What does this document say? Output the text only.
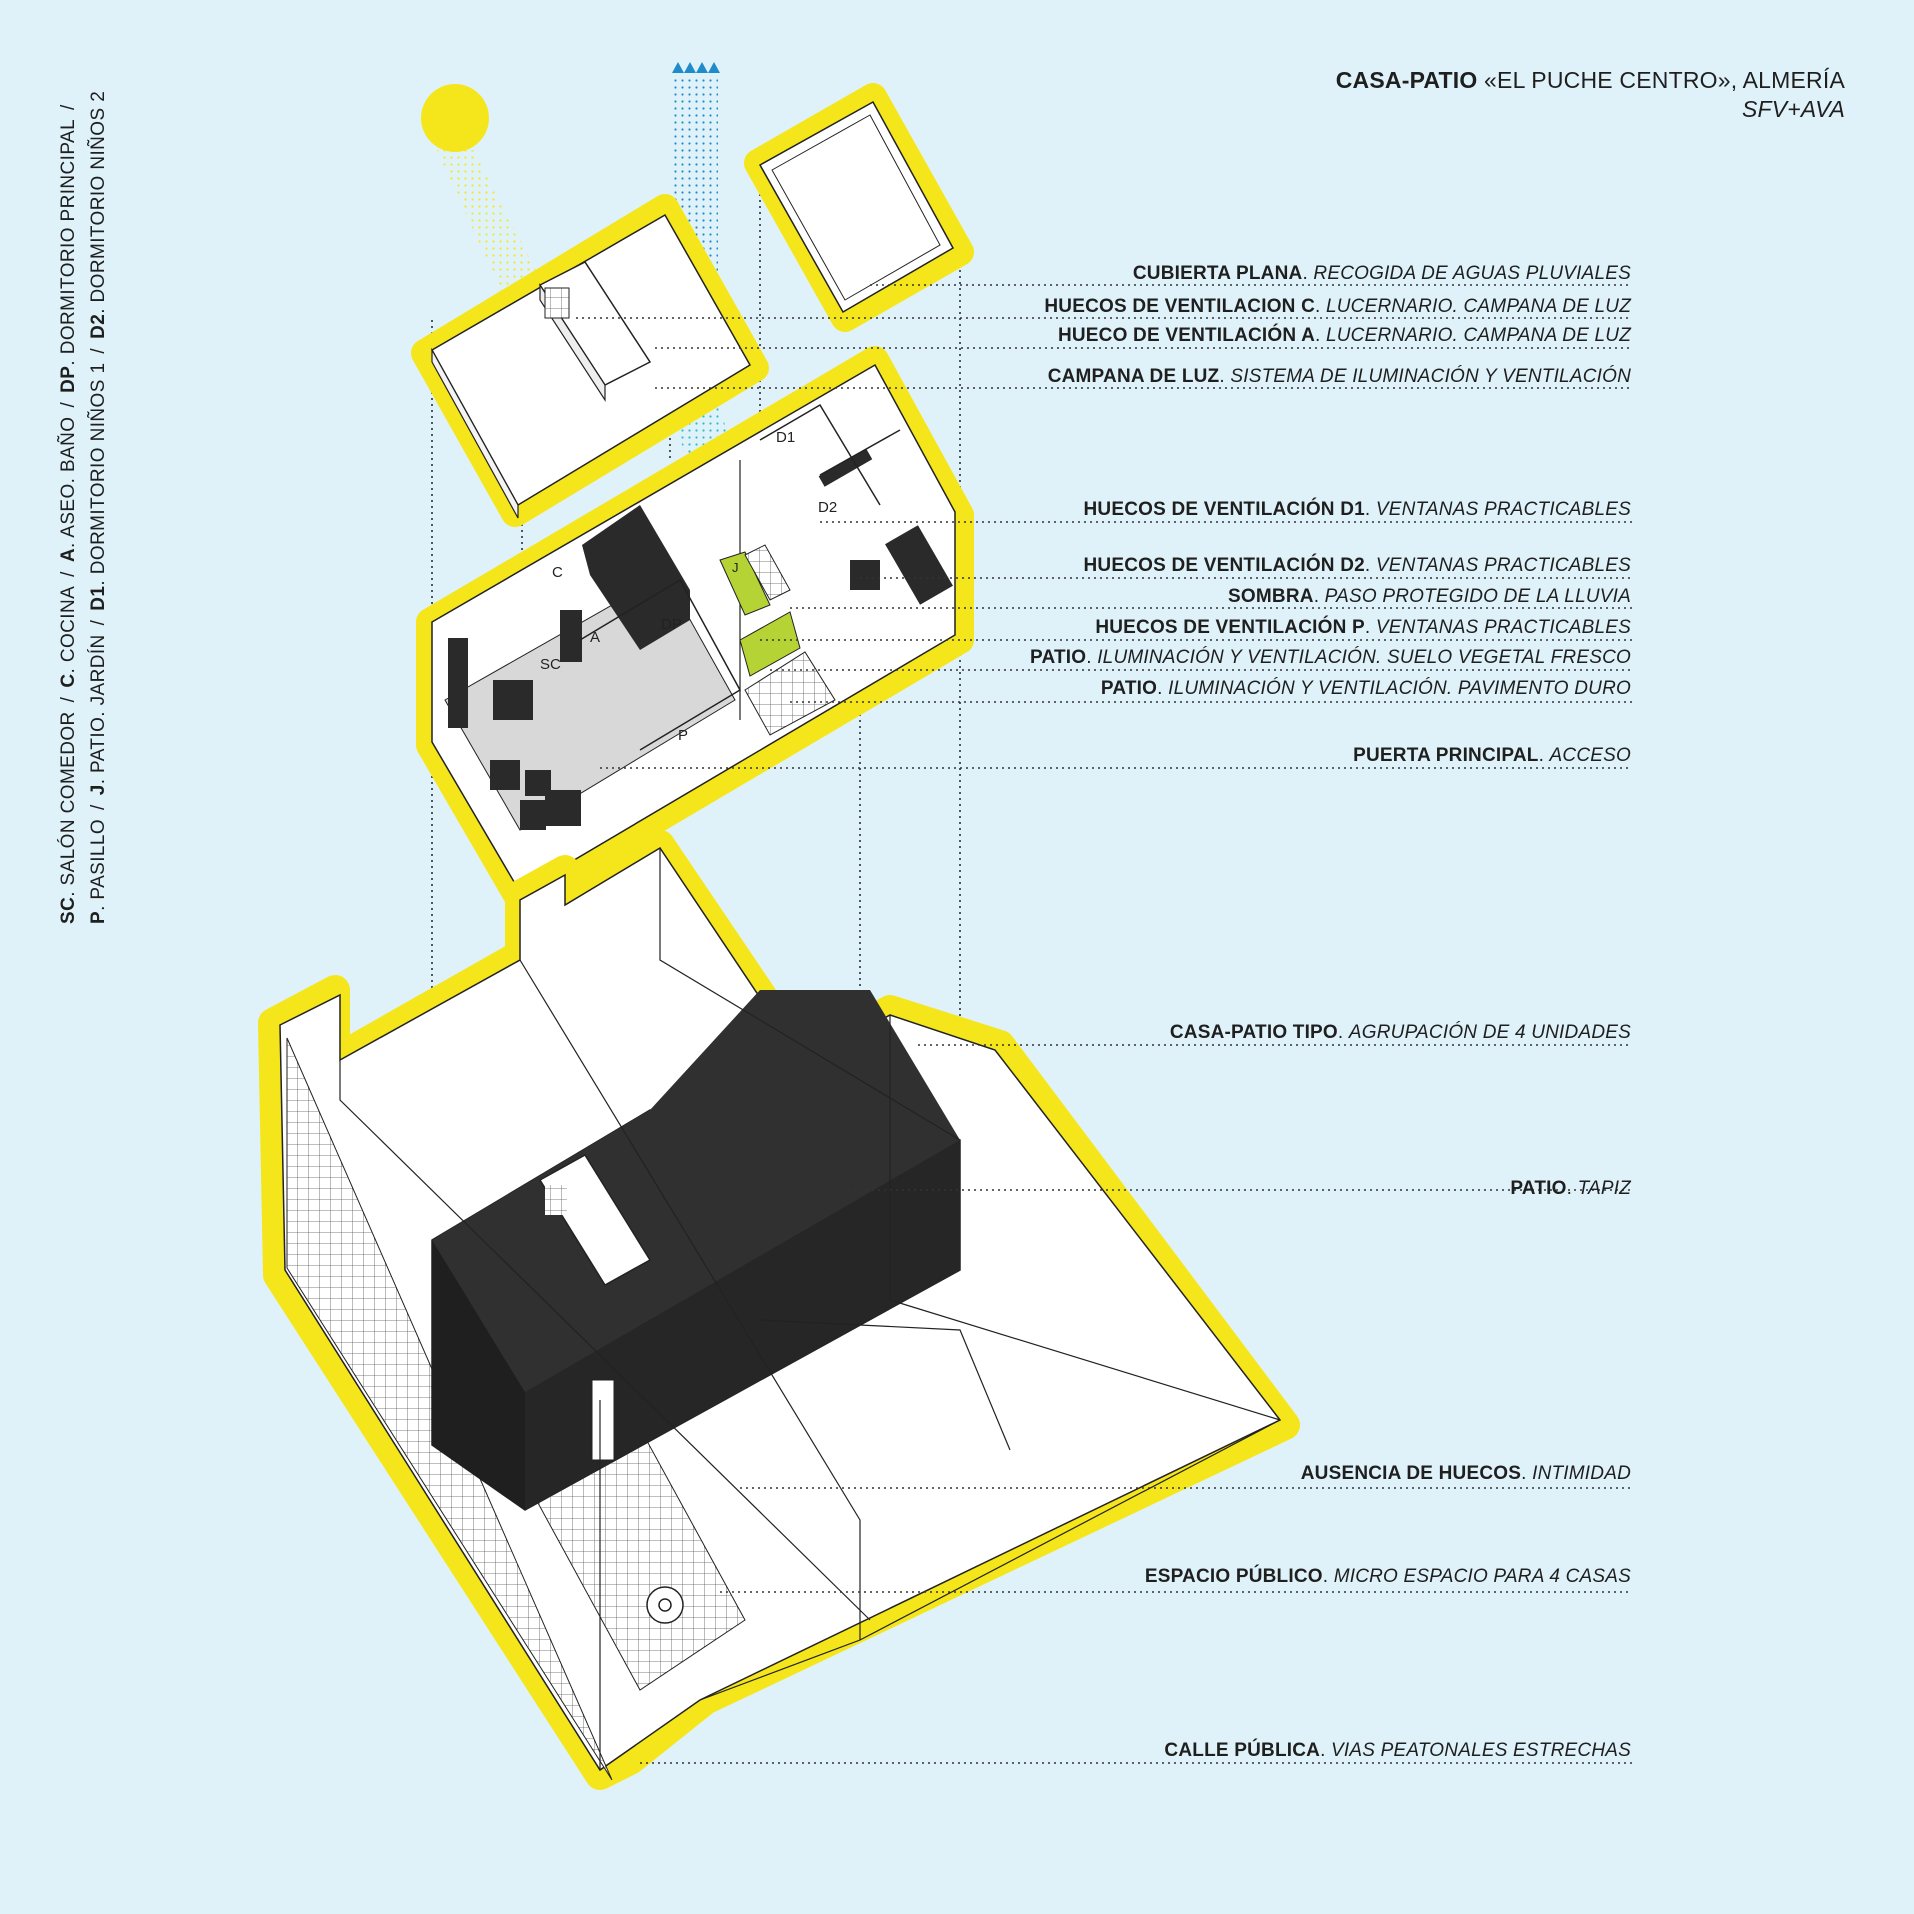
C
SC
A
DP
P
D1
D2
J
CASA-PATIO «EL PUCHE CENTRO», ALMERÍA
SFV+AVA
SC. SALÓN COMEDOR/C. COCINA/A. ASEO. BAÑO/DP. DORMITORIO PRINCIPAL/
P. PASILLO/J. PATIO. JARDÍN/D1. DORMITORIO NIÑOS 1/D2. DORMITORIO NIÑOS 2	CUBIERTA PLANA. RECOGIDA DE AGUAS PLUVIALES
HUECOS DE VENTILACION C. LUCERNARIO. CAMPANA DE LUZ
HUECO DE VENTILACIÓN A. LUCERNARIO. CAMPANA DE LUZ
CAMPANA DE LUZ. SISTEMA DE ILUMINACIÓN Y VENTILACIÓN
HUECOS DE VENTILACIÓN D1. VENTANAS PRACTICABLES
HUECOS DE VENTILACIÓN D2. VENTANAS PRACTICABLES
SOMBRA. PASO PROTEGIDO DE LA LLUVIA
HUECOS DE VENTILACIÓN P. VENTANAS PRACTICABLES
PATIO. ILUMINACIÓN Y VENTILACIÓN. SUELO VEGETAL FRESCO
PATIO. ILUMINACIÓN Y VENTILACIÓN. PAVIMENTO DURO
PUERTA PRINCIPAL. ACCESO
CASA-PATIO TIPO. AGRUPACIÓN DE 4 UNIDADES
PATIO. TAPIZ
AUSENCIA DE HUECOS. INTIMIDAD
ESPACIO PÚBLICO. MICRO ESPACIO PARA 4 CASAS
CALLE PÚBLICA. VIAS PEATONALES ESTRECHAS
